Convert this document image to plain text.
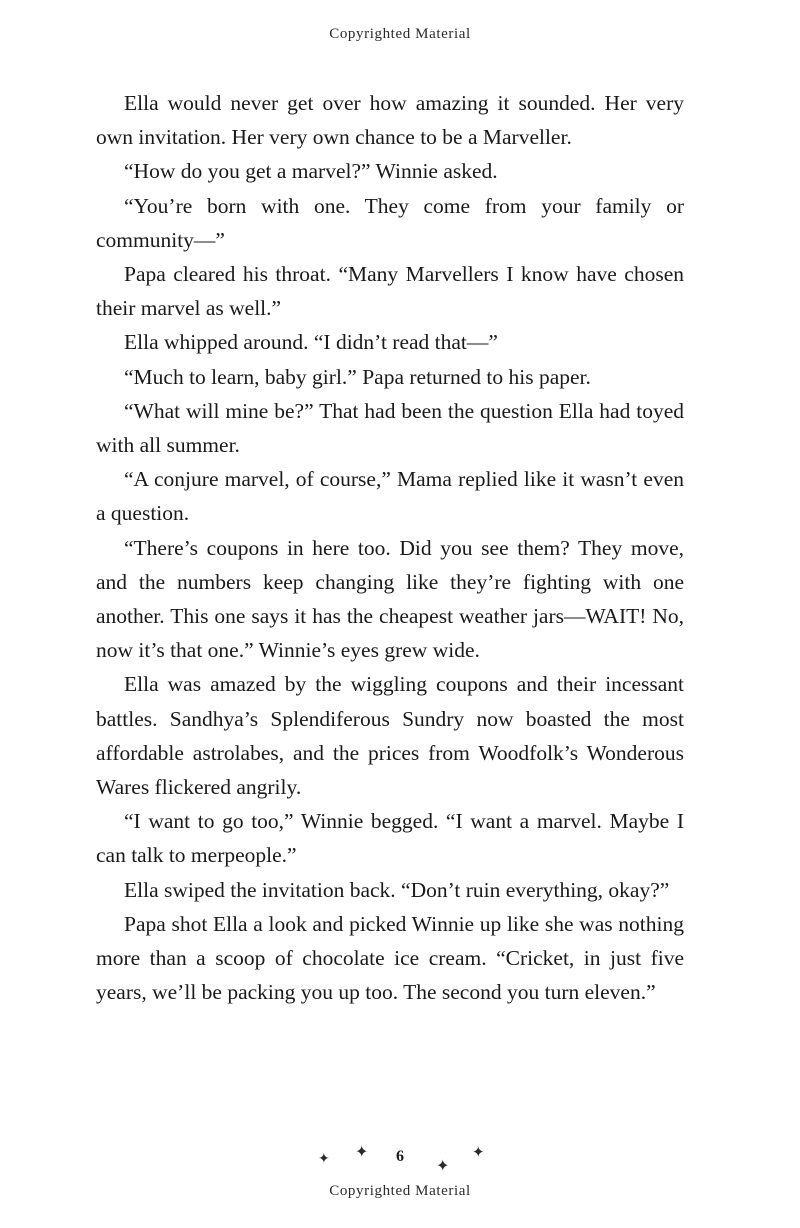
Copyrighted Material

Ella would never get over how amazing it sounded. Her very own invitation. Her very own chance to be a Marveller.

“How do you get a marvel?” Winnie asked.

“You’re born with one. They come from your family or community—”

Papa cleared his throat. “Many Marvellers I know have chosen their marvel as well.”

Ella whipped around. “I didn’t read that—”

“Much to learn, baby girl.” Papa returned to his paper.

“What will mine be?” That had been the question Ella had toyed with all summer.

“A conjure marvel, of course,” Mama replied like it wasn’t even a question.

“There’s coupons in here too. Did you see them? They move, and the numbers keep changing like they’re fighting with one another. This one says it has the cheapest weather jars—WAIT! No, now it’s that one.” Winnie’s eyes grew wide.

Ella was amazed by the wiggling coupons and their incessant battles. Sandhya’s Splendiferous Sundry now boasted the most affordable astrolabes, and the prices from Woodfolk’s Wonderous Wares flickered angrily.

“I want to go too,” Winnie begged. “I want a marvel. Maybe I can talk to merpeople.”

Ella swiped the invitation back. “Don’t ruin everything, okay?”

Papa shot Ella a look and picked Winnie up like she was nothing more than a scoop of chocolate ice cream. “Cricket, in just five years, we’ll be packing you up too. The second you turn eleven.”

✦ ✦ 6
✦
✦
Copyrighted Material
